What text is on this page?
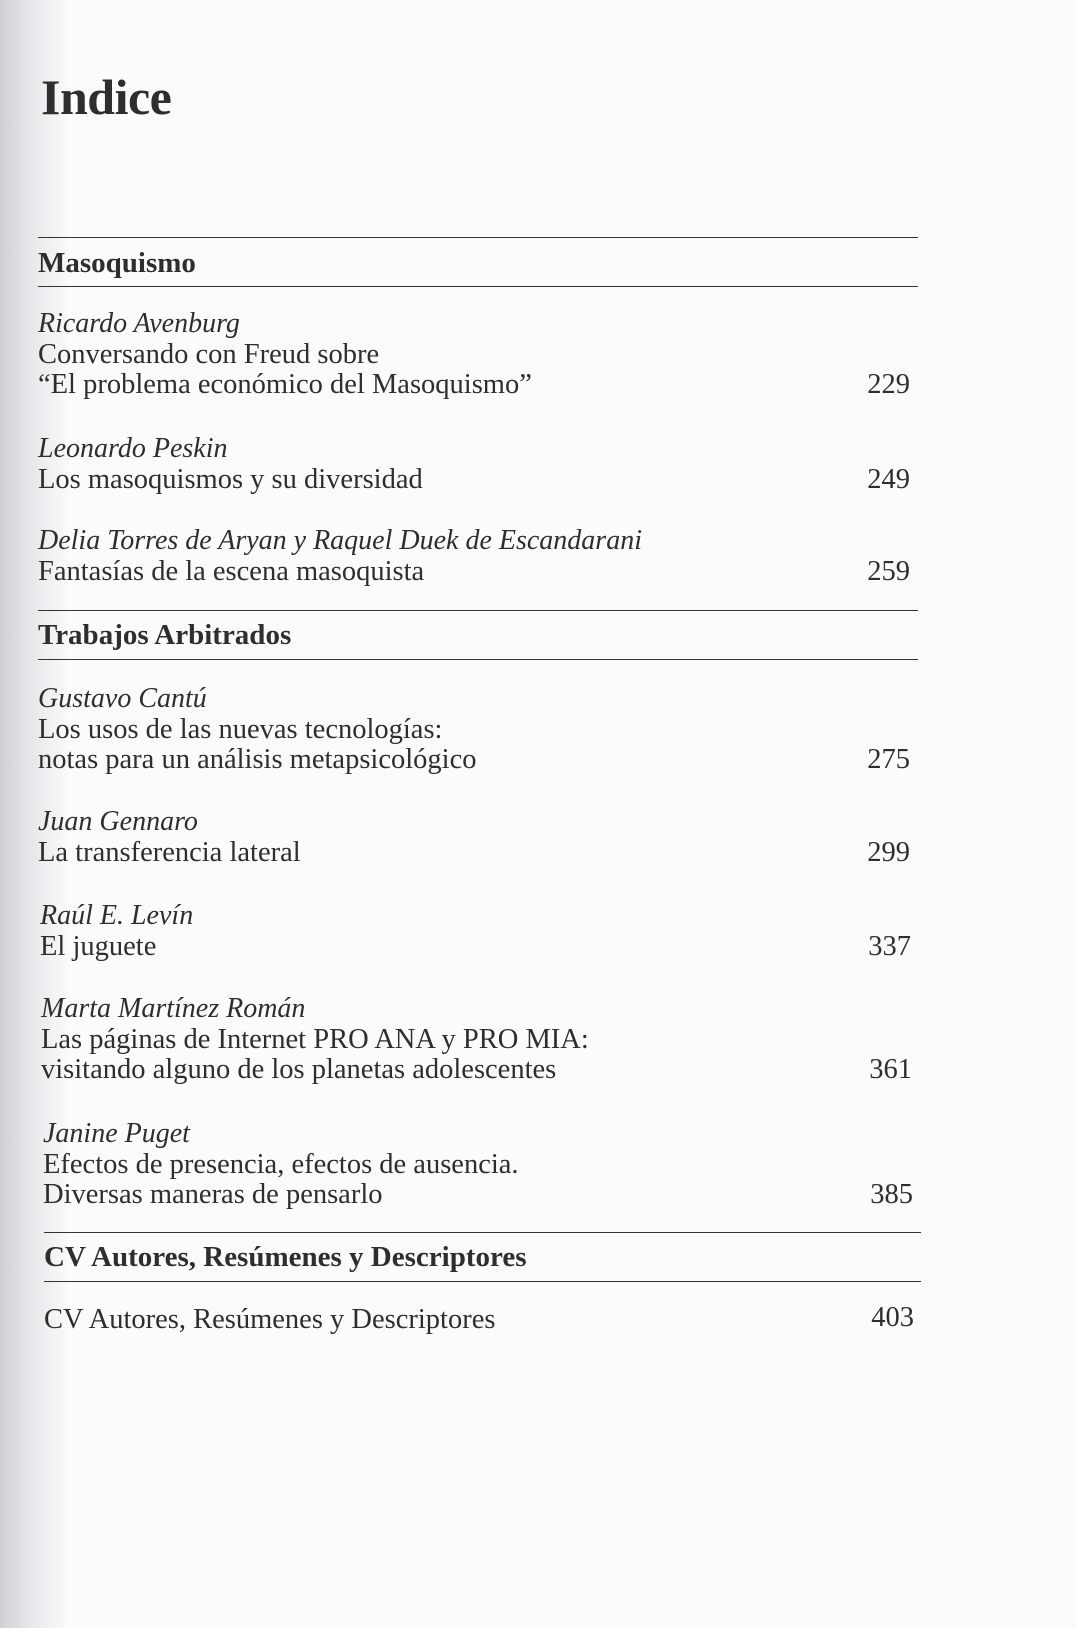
Indice
Masoquismo
Ricardo Avenburg
Conversando con Freud sobre
“El problema económico del Masoquismo”	229
Leonardo Peskin
Los masoquismos y su diversidad	249
Delia Torres de Aryan y Raquel Duek de Escandarani
Fantasías de la escena masoquista	259
Trabajos Arbitrados
Gustavo Cantú
Los usos de las nuevas tecnologías:
notas para un análisis metapsicológico	275
Juan Gennaro
La transferencia lateral	299
Raúl E. Levín
El juguete	337
Marta Martínez Román
Las páginas de Internet PRO ANA y PRO MIA:
visitando alguno de los planetas adolescentes	361
Janine Puget
Efectos de presencia, efectos de ausencia.
Diversas maneras de pensarlo	385
CV Autores, Resúmenes y Descriptores
CV Autores, Resúmenes y Descriptores	403
